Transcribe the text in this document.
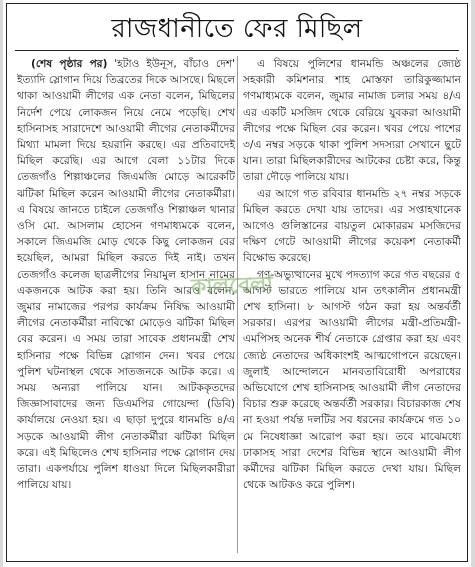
রাজধানীতে ফের মিছিল

(শেষ পৃষ্ঠার পর) 'হটাও ইউনূস, বাঁচাও দেশ' ইত্যাদি স্লোগান দিয়ে তিব্রতের দিকে আসছে। মিছলে থাকা আওয়ামী লীগের এক নেতা বলেন, মিছিলের নির্দেশ পেয়ে লোকজন নিয়ে নেমে পড়েছি। শেখ হাসিনাসহ সারাদেশে আওয়ামী লীগের নেতাকর্মীদের মিথ্যা মামলা দিয়ে হয়রানি করছে। এর প্রতিবাদেই মিছিল করেছি। এর আগে বেলা ১১টার দিকে তেজগাঁও শিল্পাঞ্চলের জিএমজি মোড়ে আরেকটি ঝটিকা মিছিল করেন আওয়ামী লীগের নেতাকর্মীরা। এ বিষয়ে জানতে চাইলে তেজগাঁও শিল্পাঞ্চল থানার ওসি মো. আসলাম হোসেন গণমাধ্যমকে বলেন, সকালে জিএমজি মোড় থেকে কিছু লোকজন বের হয়েছিল, আমরা মিছিল করতে দিই নাই। তখন তেজগাঁও কলেজ ছাত্রলীগের নিয়ামুল হাসান নামের একজনকে আটক করা হয়। তিনি আরও বলেন, জুমার নামাজের পরপর কার্যক্রম নিষিদ্ধ আওয়ামী লীগের নেতাকর্মীরা নাবিস্কো মোড়েও ঝটিকা মিছিল বের করেন। এ সময় তারা সাবেক প্রধানমন্ত্রী শেখ হাসিনার পক্ষে বিভিন্ন স্লোগান দেন। খবর পেয়ে পুলিশ ঘটনাস্থল থেকে সাতজনকে আটক করে। এ সময় অন্যরা পালিয়ে যান। আটককৃতদের জিজ্ঞাসাবাদের জন্য ডিএমপির গোয়েন্দা (ডিবি) কার্যালয়ে নেওয়া হয়। এ ছাড়া দুপুরে ধানমন্ডি ৪/এ সড়কে আওয়ামী লীগ নেতাকর্মীরা ঝটিকা মিছিল করে। এই মিছিলেও শেখ হাসিনার পক্ষে স্লোগান দেয় তারা। একপর্যায়ে পুলিশ ধাওয়া দিলে মিছিলকারীরা পালিয়ে যায়।

এ বিষয়ে পুলিশের ধানমন্ডি অঞ্চলের জ্যেষ্ঠ সহকারী কমিশনার শাহ মোস্তফা তারিকুজ্জামান গণমাধ্যমকে বলেন, জুমার নামাজ চলার সময় ৪/এ এর একটি মসজিদ থেকে বেরিয়ে যুবকরা আওয়ামী লীগের পক্ষে মিছিল বের করেন। খবর পেয়ে পাশের ৩/এ নম্বর সড়কে থাকা পুলিশ সদস্যরা সেখানে ছুটে যান। তারা মিছিলকারীদের আটকের চেষ্টা করে, কিন্তু তারা দৌড়ে পালিয়ে যায়।

এর আগে গত রবিবার ধানমন্ডি ২৭ নম্বর সড়কে মিছিল করতে দেখা যায় তাদের। এর সপ্তাহখানেক আগেও গুলিস্তানের বায়তুল মোকাররম মসজিদের দক্ষিণ গেটে আওয়ামী লীগের কয়েকশ নেতাকর্মী বিক্ষোভ করেছে।

গণ-অভ্যুত্থানের মুখে পদত্যাগ করে গত বছরের ৫ আগস্ট ভারতে পালিয়ে যান তৎকালীন প্রধানমন্ত্রী শেখ হাসিনা। ৮ আগস্ট গঠন করা হয় অন্তর্বর্তী সরকার। এরপর আওয়ামী লীগের মন্ত্রী-প্রতিমন্ত্রী-এমপিসহ অনেক শীর্ষ নেতাকে গ্রেপ্তার করা হয় এবং জ্যেষ্ঠ নেতাদের অধিকাংশই আত্মগোপনে রয়েছেন। জুলাই আন্দোলনে মানবতাবিরোধী অপরাধের অভিযোগে শেখ হাসিনাসহ আওয়ামী লীগ নেতাদের বিচার শুরু করেছে অন্তর্বর্তী সরকার। বিচারকাজ শেষ না হওয়া পর্যন্ত দলটির সব ধরনের কার্যক্রমে গত ১০ মে নিষেধাজ্ঞা আরোপ করা হয়। তবে মাঝেমধ্যে ঢাকাসহ সারা দেশের বিভিন্ন স্থানে আওয়ামী লীগ কর্মীদের ঝটিকা মিছিল করতে দেখা যায়। মিছিল থেকে আটকও করে পুলিশ।

কালবেলা
